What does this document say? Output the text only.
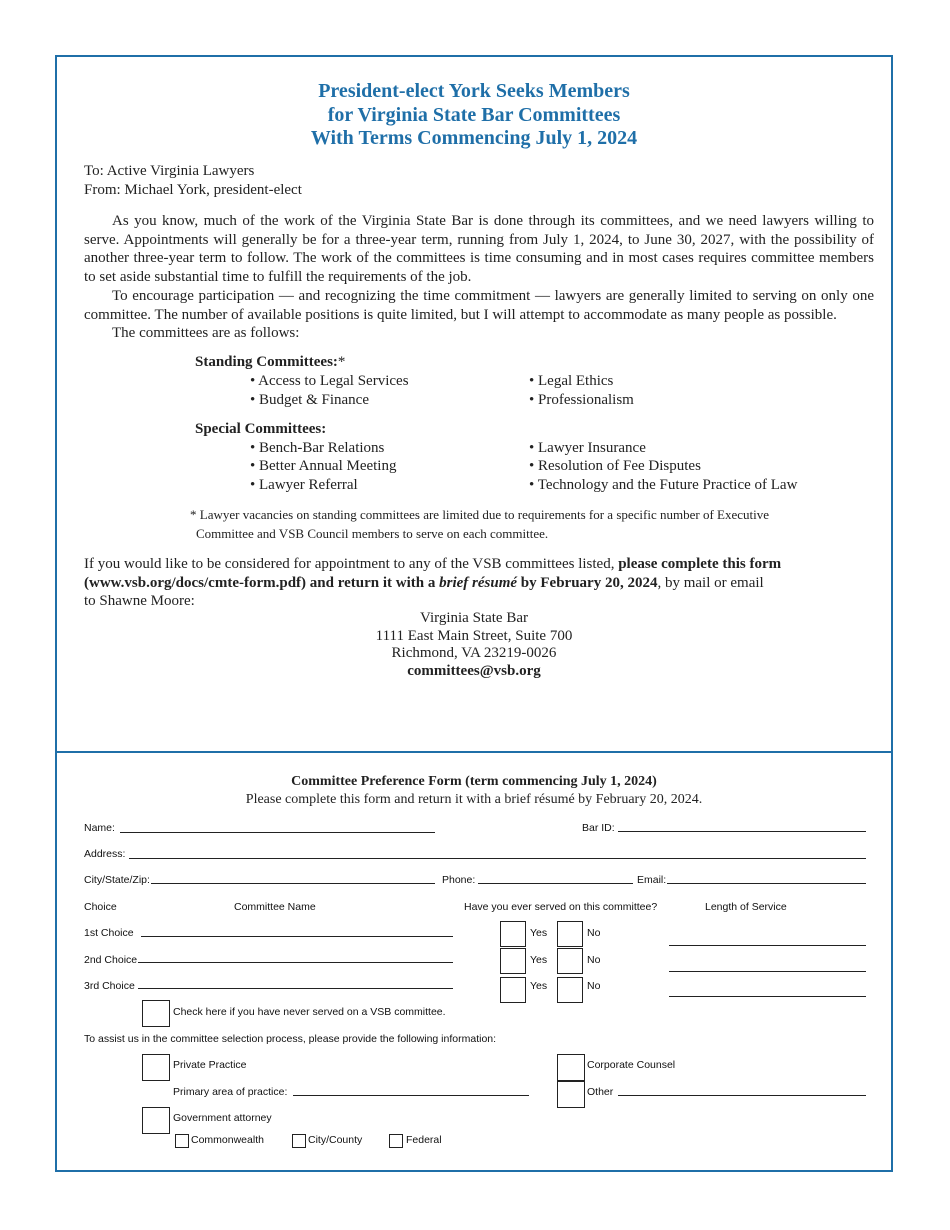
President-elect York Seeks Members
for Virginia State Bar Committees
With Terms Commencing July 1, 2024
To: Active Virginia Lawyers
From: Michael York, president-elect
As you know, much of the work of the Virginia State Bar is done through its committees, and we need lawyers willing to serve. Appointments will generally be for a three-year term, running from July 1, 2024, to June 30, 2027, with the possibility of another three-year term to follow. The work of the committees is time consuming and in most cases requires committee members to set aside substantial time to fulfill the requirements of the job.
To encourage participation — and recognizing the time commitment — lawyers are generally limited to serving on only one committee. The number of available positions is quite limited, but I will attempt to accommodate as many people as possible.
The committees are as follows:
Standing Committees:*
• Access to Legal Services
• Budget & Finance
• Legal Ethics
• Professionalism
Special Committees:
• Bench-Bar Relations
• Better Annual Meeting
• Lawyer Referral
• Lawyer Insurance
• Resolution of Fee Disputes
• Technology and the Future Practice of Law
* Lawyer vacancies on standing committees are limited due to requirements for a specific number of Executive
Committee and VSB Council members to serve on each committee.
If you would like to be considered for appointment to any of the VSB committees listed, please complete this form
(www.vsb.org/docs/cmte-form.pdf) and return it with a brief résumé by February 20, 2024, by mail or email
to Shawne Moore:
Virginia State Bar
1111 East Main Street, Suite 700
Richmond, VA 23219-0026
committees@vsb.org
Committee Preference Form (term commencing July 1, 2024)
Please complete this form and return it with a brief résumé by February 20, 2024.
Name:	Bar ID:
Address:
City/State/Zip:	Phone:	Email:
Choice	Committee Name	Have you ever served on this committee?	Length of Service
1st Choice	Yes	No
2nd Choice	Yes	No
3rd Choice	Yes	No
Check here if you have never served on a VSB committee.
To assist us in the committee selection process, please provide the following information:
Private Practice
Primary area of practice:
Corporate Counsel
Other
Government attorney
Commonwealth	City/County	Federal
